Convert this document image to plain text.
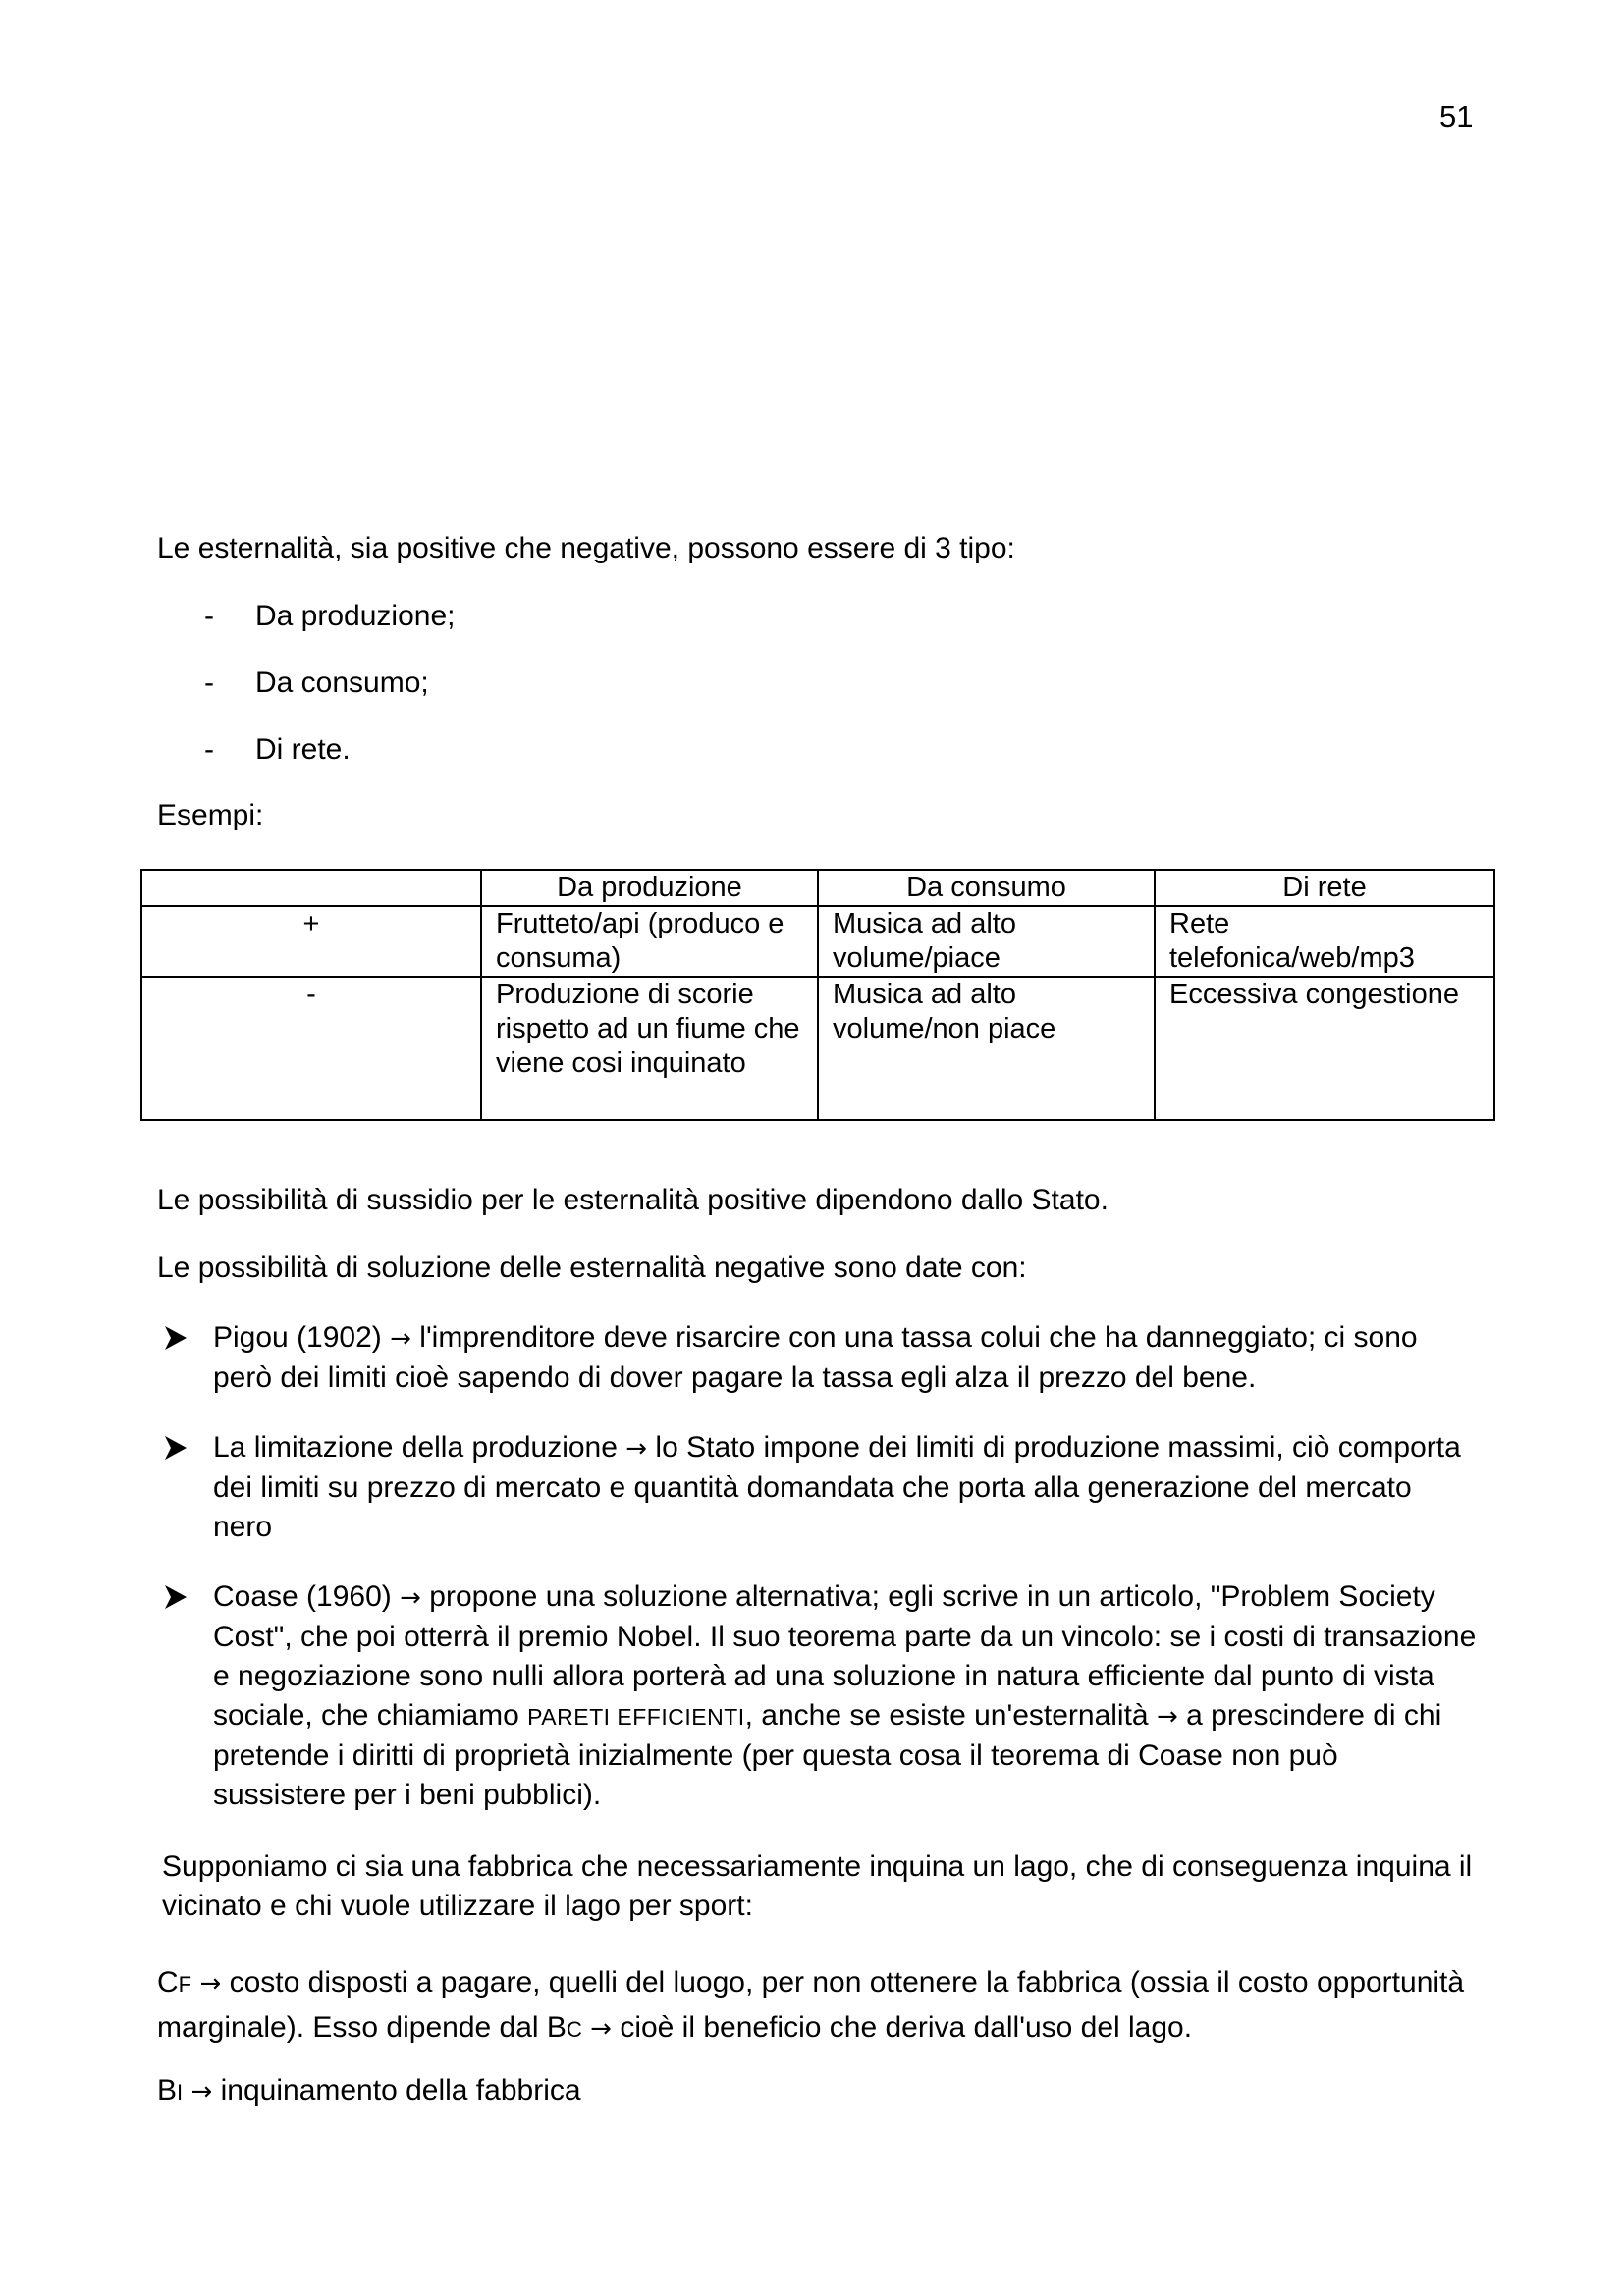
51
Le esternalità, sia positive che negative, possono essere di 3 tipo:
- Da produzione;
- Da consumo;
- Di rete.
Esempi:
	Da produzione	Da consumo	Di rete
+	Frutteto/api (produco e consuma)	Musica ad alto volume/piace	Rete telefonica/web/mp3
-	Produzione di scorie rispetto ad un fiume che viene cosi inquinato	Musica ad alto volume/non piace	Eccessiva congestione
Le possibilità di sussidio per le esternalità positive dipendono dallo Stato.
Le possibilità di soluzione delle esternalità negative sono date con:
Pigou (1902) → l'imprenditore deve risarcire con una tassa colui che ha danneggiato; ci sono però dei limiti cioè sapendo di dover pagare la tassa egli alza il prezzo del bene.
La limitazione della produzione → lo Stato impone dei limiti di produzione massimi, ciò comporta dei limiti su prezzo di mercato e quantità domandata che porta alla generazione del mercato nero
Coase (1960) → propone una soluzione alternativa; egli scrive in un articolo, "Problem Society Cost", che poi otterrà il premio Nobel. Il suo teorema parte da un vincolo: se i costi di transazione e negoziazione sono nulli allora porterà ad una soluzione in natura efficiente dal punto di vista sociale, che chiamiamo PARETI EFFICIENTI, anche se esiste un'esternalità → a prescindere di chi pretende i diritti di proprietà inizialmente (per questa cosa il teorema di Coase non può sussistere per i beni pubblici).
Supponiamo ci sia una fabbrica che necessariamente inquina un lago, che di conseguenza inquina il vicinato e chi vuole utilizzare il lago per sport:
CF → costo disposti a pagare, quelli del luogo, per non ottenere la fabbrica (ossia il costo opportunità marginale). Esso dipende dal BC → cioè il beneficio che deriva dall'uso del lago.
BI → inquinamento della fabbrica
